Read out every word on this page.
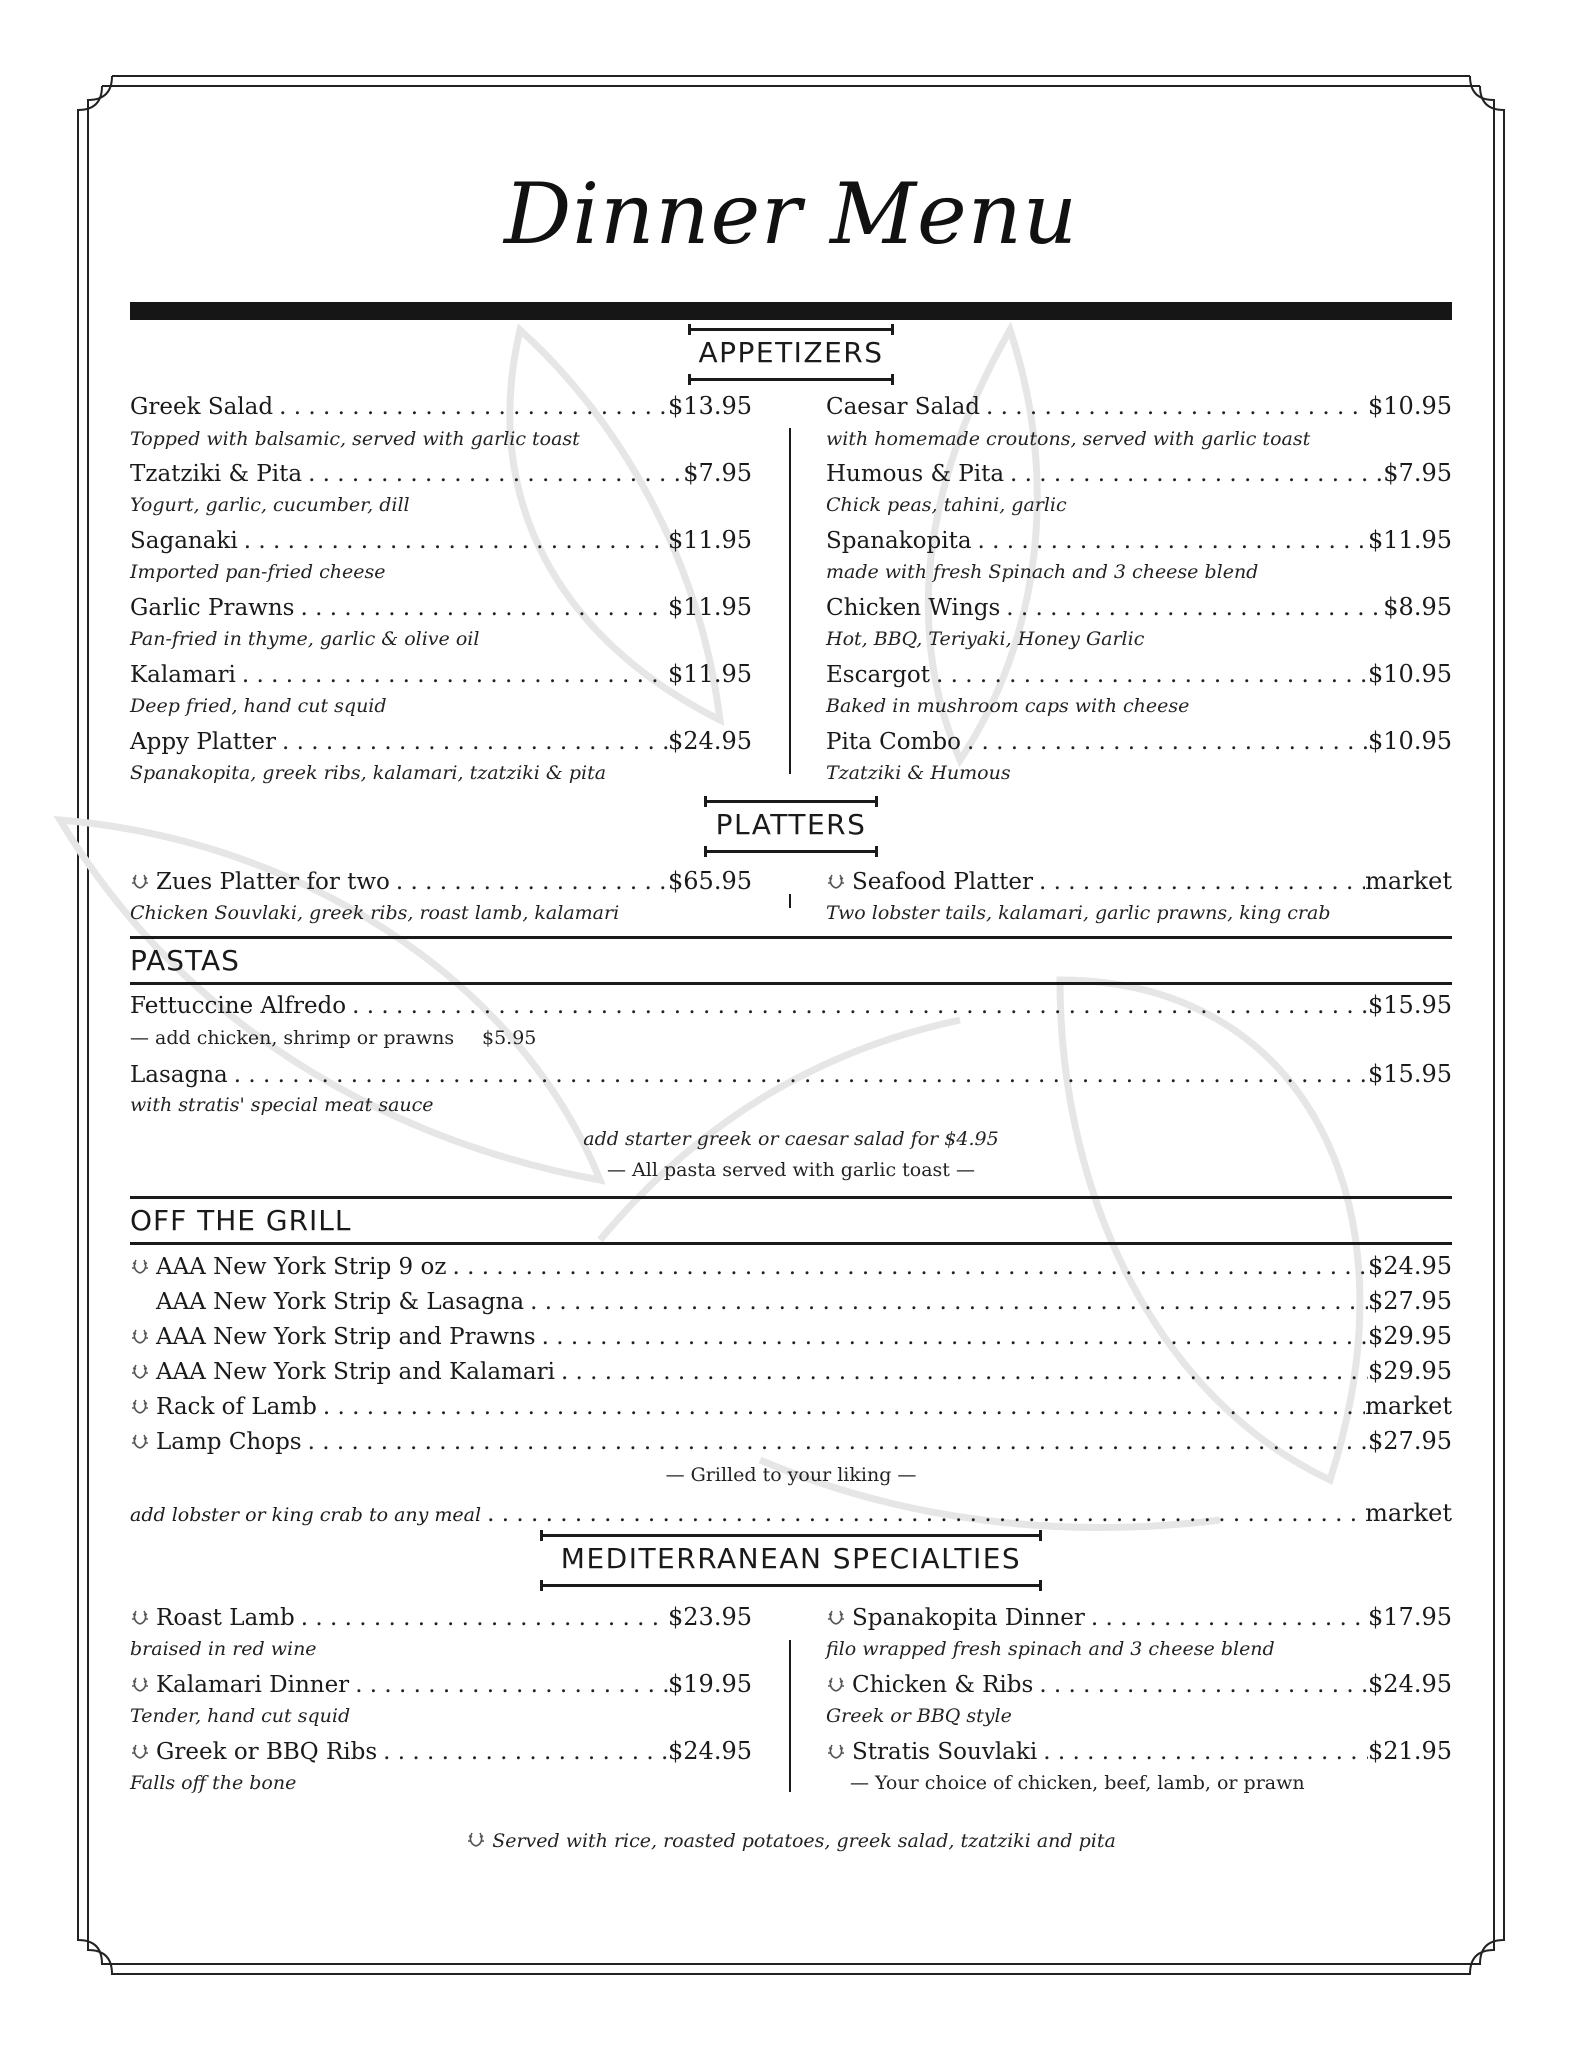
Dinner Menu
APPETIZERS
Greek Salad . . .	$13.95
Topped with balsamic, served with garlic toast
Tzatziki & Pita . . .	$7.95
Yogurt, garlic, cucumber, dill
Saganaki . . .	$11.95
Imported pan-fried cheese
Garlic Prawns . . .	$11.95
Pan-fried in thyme, garlic & olive oil
Kalamari . . .	$11.95
Deep fried, hand cut squid
Appy Platter . . .	$24.95
Spanakopita, greek ribs, kalamari, tzatziki & pita
Caesar Salad . . .	$10.95
with homemade croutons, served with garlic toast
Humous & Pita . . .	$7.95
Chick peas, tahini, garlic
Spanakopita . . .	$11.95
made with fresh Spinach and 3 cheese blend
Chicken Wings . . .	$8.95
Hot, BBQ, Teriyaki, Honey Garlic
Escargot . . .	$10.95
Baked in mushroom caps with cheese
Pita Combo . . .	$10.95
Tzatziki & Humous
PLATTERS
Zues Platter for two . . .	$65.95
Chicken Souvlaki, greek ribs, roast lamb, kalamari
Seafood Platter . . .	market
Two lobster tails, kalamari, garlic prawns, king crab
PASTAS
Fettuccine Alfredo . . .	$15.95
— add chicken, shrimp or prawns $5.95
Lasagna . . .	$15.95
with stratis' special meat sauce
add starter greek or caesar salad for $4.95
— All pasta served with garlic toast —
OFF THE GRILL
AAA New York Strip 9 oz . . .	$24.95
AAA New York Strip & Lasagna . . .	$27.95
AAA New York Strip and Prawns . . .	$29.95
AAA New York Strip and Kalamari . . .	$29.95
Rack of Lamb . . .	market
Lamp Chops . . .	$27.95
— Grilled to your liking —
add lobster or king crab to any meal . . .	market
MEDITERRANEAN SPECIALTIES
Roast Lamb . . .	$23.95
braised in red wine
Kalamari Dinner . . .	$19.95
Tender, hand cut squid
Greek or BBQ Ribs . . .	$24.95
Falls off the bone
Spanakopita Dinner . . .	$17.95
filo wrapped fresh spinach and 3 cheese blend
Chicken & Ribs . . .	$24.95
Greek or BBQ style
Stratis Souvlaki . . .	$21.95
— Your choice of chicken, beef, lamb, or prawn
Served with rice, roasted potatoes, greek salad, tzatziki and pita
